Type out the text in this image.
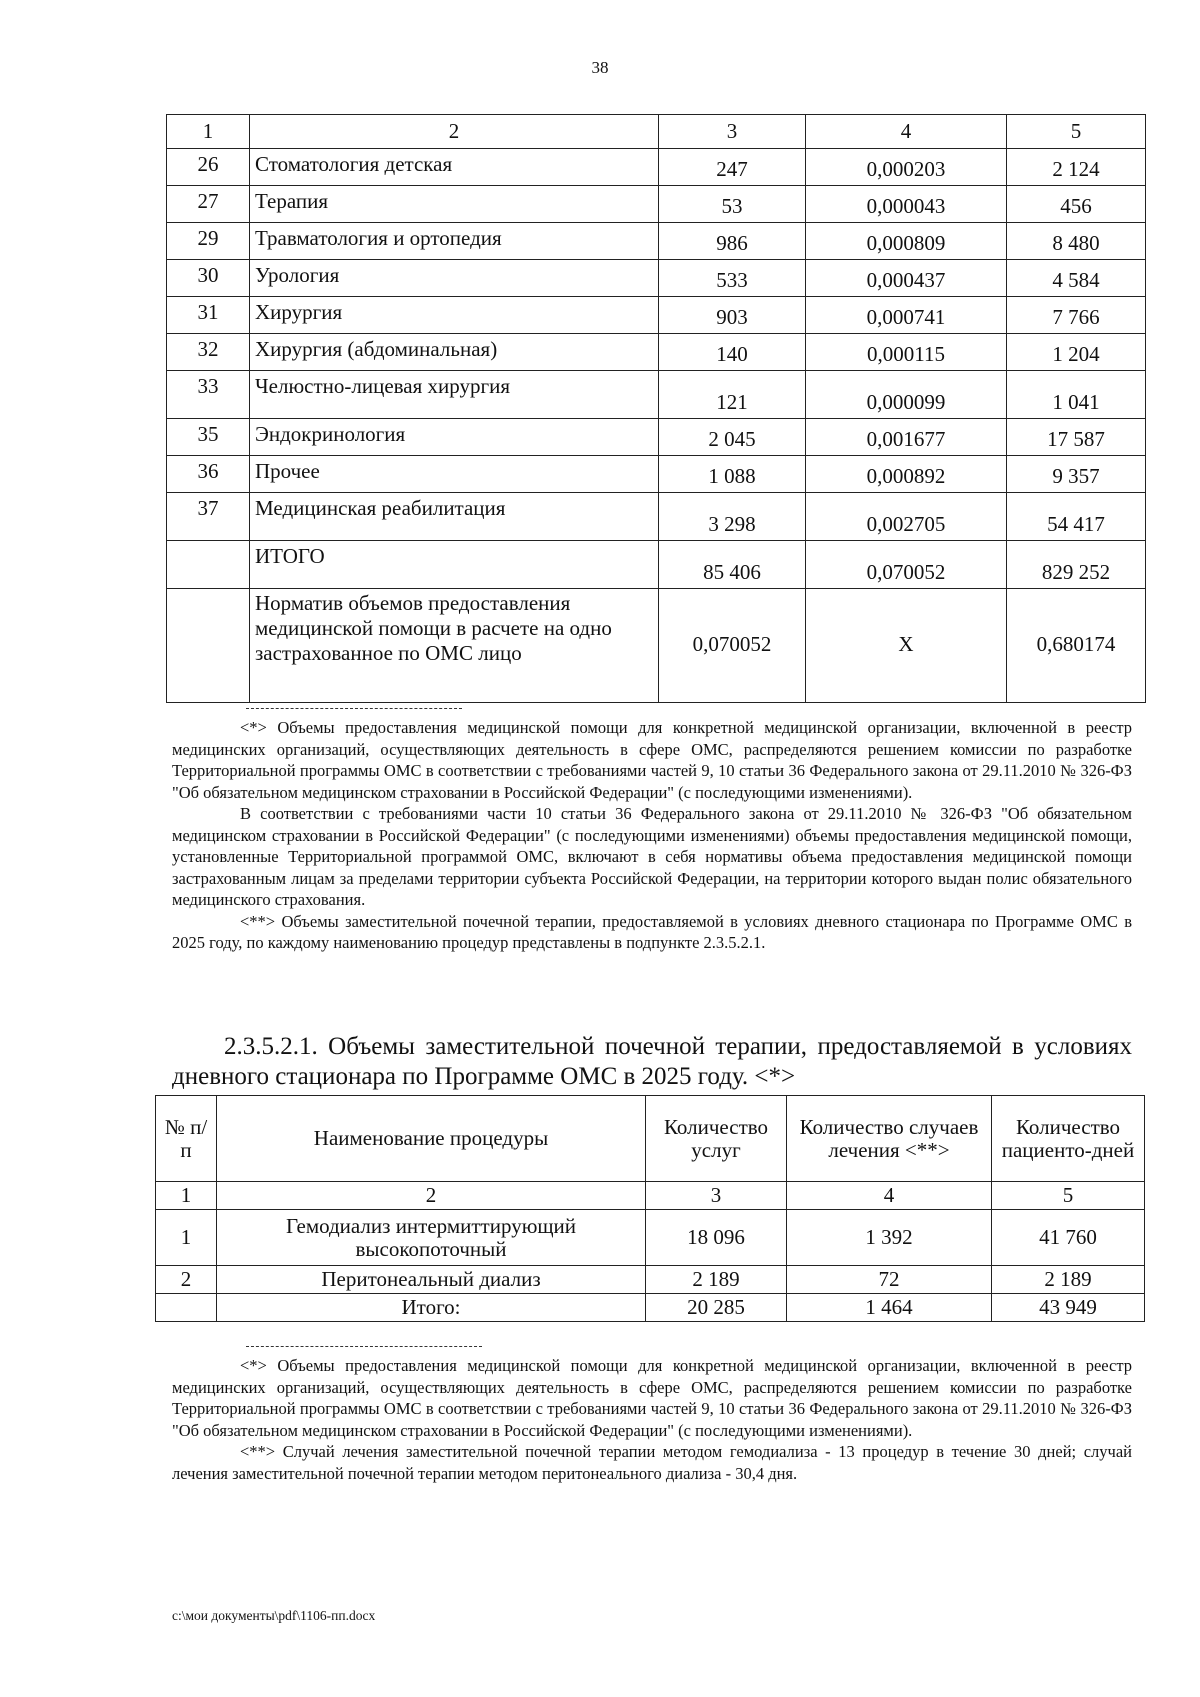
38
1	2	3	4	5
26	Стоматология детская	247	0,000203	2 124
27	Терапия	53	0,000043	456
29	Травматология и ортопедия	986	0,000809	8 480
30	Урология	533	0,000437	4 584
31	Хирургия	903	0,000741	7 766
32	Хирургия (абдоминальная)	140	0,000115	1 204
33	Челюстно-лицевая хирургия	121	0,000099	1 041
35	Эндокринология	2 045	0,001677	17 587
36	Прочее	1 088	0,000892	9 357
37	Медицинская реабилитация	3 298	0,002705	54 417
	ИТОГО	85 406	0,070052	829 252
	Норматив объемов предоставления медицинской помощи в расчете на одно застрахованное по ОМС лицо	0,070052	X	0,680174

<*> Объемы предоставления медицинской помощи для конкретной медицинской организации, включенной в реестр медицинских организаций, осуществляющих деятельность в сфере ОМС, распределяются решением комиссии по разработке Территориальной программы ОМС в соответствии с требованиями частей 9, 10 статьи 36 Федерального закона от 29.11.2010 № 326-ФЗ "Об обязательном медицинском страховании в Российской Федерации" (с последующими изменениями).

В соответствии с требованиями части 10 статьи 36 Федерального закона от 29.11.2010 № 326-ФЗ "Об обязательном медицинском страховании в Российской Федерации" (с последующими изменениями) объемы предоставления медицинской помощи, установленные Территориальной программой ОМС, включают в себя нормативы объема предоставления медицинской помощи застрахованным лицам за пределами территории субъекта Российской Федерации, на территории которого выдан полис обязательного медицинского страхования.

<**> Объемы заместительной почечной терапии, предоставляемой в условиях дневного стационара по Программе ОМС в 2025 году, по каждому наименованию процедур представлены в подпункте 2.3.5.2.1.

2.3.5.2.1. Объемы заместительной почечной терапии, предоставляемой в условиях дневного стационара по Программе ОМС в 2025 году. <*>
№ п/п	Наименование процедуры	Количество услуг	Количество случаев лечения <**>	Количество пациенто-дней
1	2	3	4	5
1	Гемодиализ интермиттирующий высокопоточный	18 096	1 392	41 760
2	Перитонеальный диализ	2 189	72	2 189
	Итого:	20 285	1 464	43 949

<*> Объемы предоставления медицинской помощи для конкретной медицинской организации, включенной в реестр медицинских организаций, осуществляющих деятельность в сфере ОМС, распределяются решением комиссии по разработке Территориальной программы ОМС в соответствии с требованиями частей 9, 10 статьи 36 Федерального закона от 29.11.2010 № 326-ФЗ "Об обязательном медицинском страховании в Российской Федерации" (с последующими изменениями).

<**> Случай лечения заместительной почечной терапии методом гемодиализа - 13 процедур в течение 30 дней; случай лечения заместительной почечной терапии методом перитонеального диализа - 30,4 дня.

c:\мои документы\pdf\1106-пп.docx
